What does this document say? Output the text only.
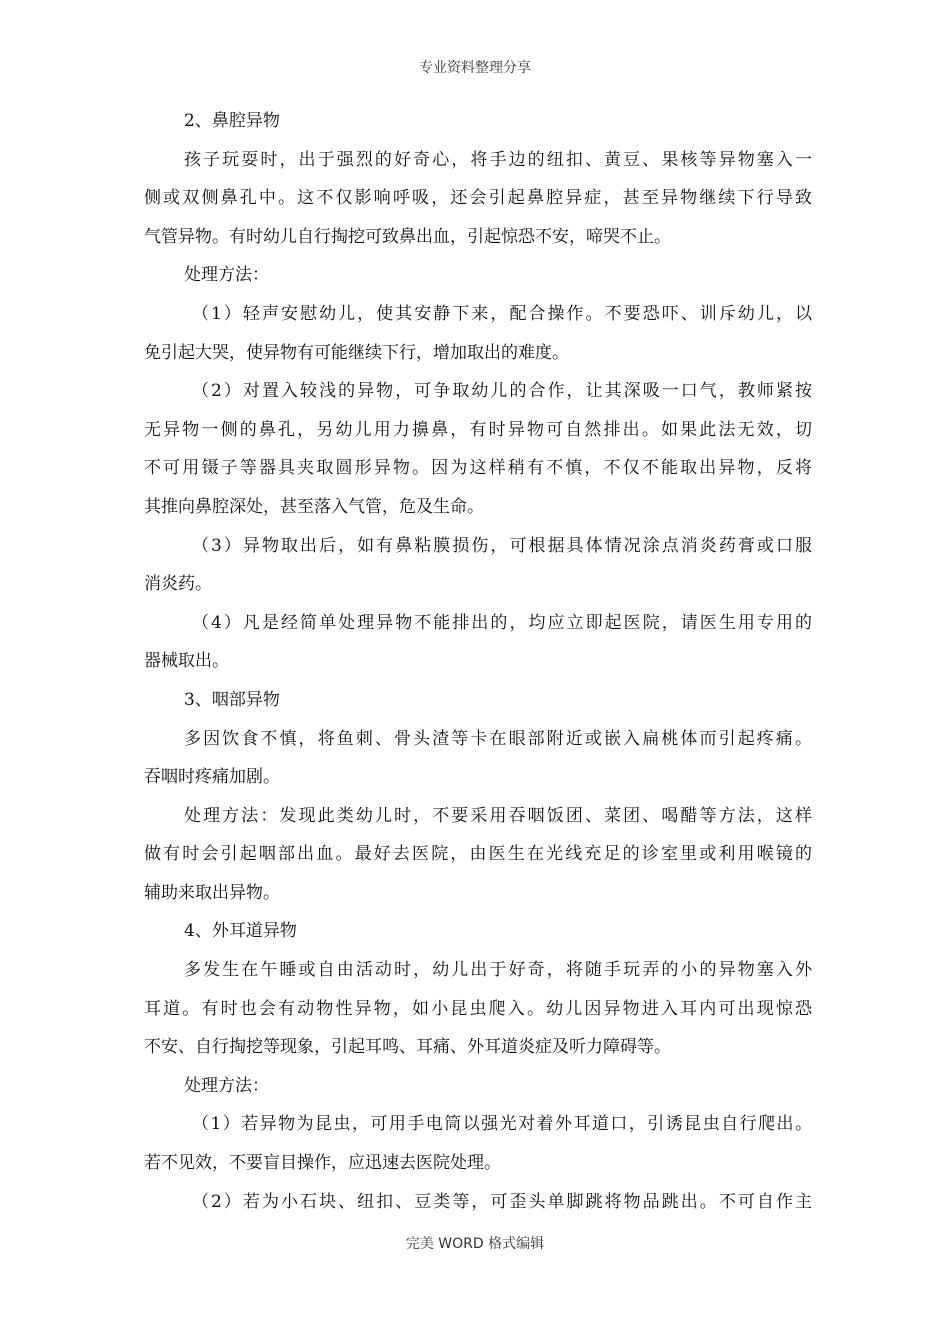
专业资料整理分享
2、鼻腔异物
孩子玩耍时，出于强烈的好奇心，将手边的纽扣、黄豆、果核等异物塞入一
侧或双侧鼻孔中。这不仅影响呼吸，还会引起鼻腔异症，甚至异物继续下行导致
气管异物。有时幼儿自行掏挖可致鼻出血，引起惊恐不安，啼哭不止。
处理方法：
（1）轻声安慰幼儿，使其安静下来，配合操作。不要恐吓、训斥幼儿，以
免引起大哭，使异物有可能继续下行，增加取出的难度。
（2）对置入较浅的异物，可争取幼儿的合作，让其深吸一口气，教师紧按
无异物一侧的鼻孔，另幼儿用力擤鼻，有时异物可自然排出。如果此法无效，切
不可用镊子等器具夹取圆形异物。因为这样稍有不慎，不仅不能取出异物，反将
其推向鼻腔深处，甚至落入气管，危及生命。
（3）异物取出后，如有鼻粘膜损伤，可根据具体情况涂点消炎药膏或口服
消炎药。
（4）凡是经简单处理异物不能排出的，均应立即起医院，请医生用专用的
器械取出。
3、咽部异物
多因饮食不慎，将鱼刺、骨头渣等卡在眼部附近或嵌入扁桃体而引起疼痛。
吞咽时疼痛加剧。
处理方法：发现此类幼儿时，不要采用吞咽饭团、菜团、喝醋等方法，这样
做有时会引起咽部出血。最好去医院，由医生在光线充足的诊室里或利用喉镜的
辅助来取出异物。
4、外耳道异物
多发生在午睡或自由活动时，幼儿出于好奇，将随手玩弄的小的异物塞入外
耳道。有时也会有动物性异物，如小昆虫爬入。幼儿因异物进入耳内可出现惊恐
不安、自行掏挖等现象，引起耳鸣、耳痛、外耳道炎症及听力障碍等。
处理方法：
（1）若异物为昆虫，可用手电筒以强光对着外耳道口，引诱昆虫自行爬出。
若不见效，不要盲目操作，应迅速去医院处理。
（2）若为小石块、纽扣、豆类等，可歪头单脚跳将物品跳出。不可自作主
完美 WORD 格式编辑
